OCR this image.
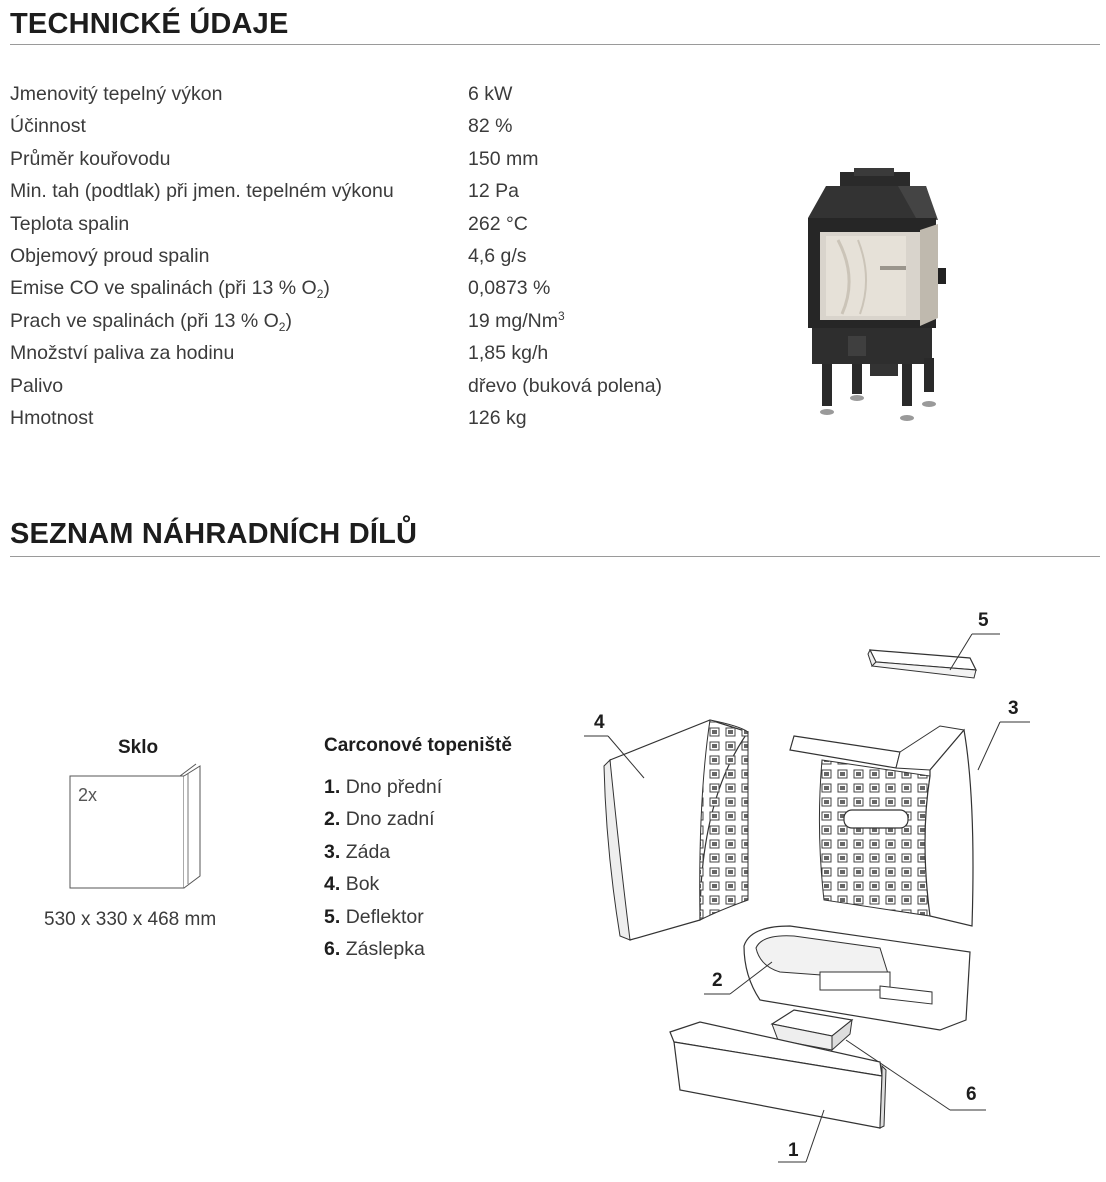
TECHNICKÉ ÚDAJE
Jmenovitý tepelný výkon	6 kW
Účinnost	82 %
Průměr kouřovodu	150 mm
Min. tah (podtlak) při jmen. tepelném výkonu	12 Pa
Teplota spalin	262 °C
Objemový proud spalin	4,6 g/s
Emise CO ve spalinách (při 13 % $O_2$)	0,0873 %
Prach ve spalinách (při 13 % $O_2$)	19 mg/Nm$^3$
Množství paliva za hodinu	1,85 kg/h
Palivo	dřevo (buková polena)
Hmotnost	126 kg
SEZNAM NÁHRADNÍCH DÍLŮ
Sklo
2x
530 x 330 x 468 mm
Carconové topeniště
1. Dno přední
2. Dno zadní
3. Záda
4. Bok
5. Deflektor
6. Záslepka
5
4
3
2
6
1
